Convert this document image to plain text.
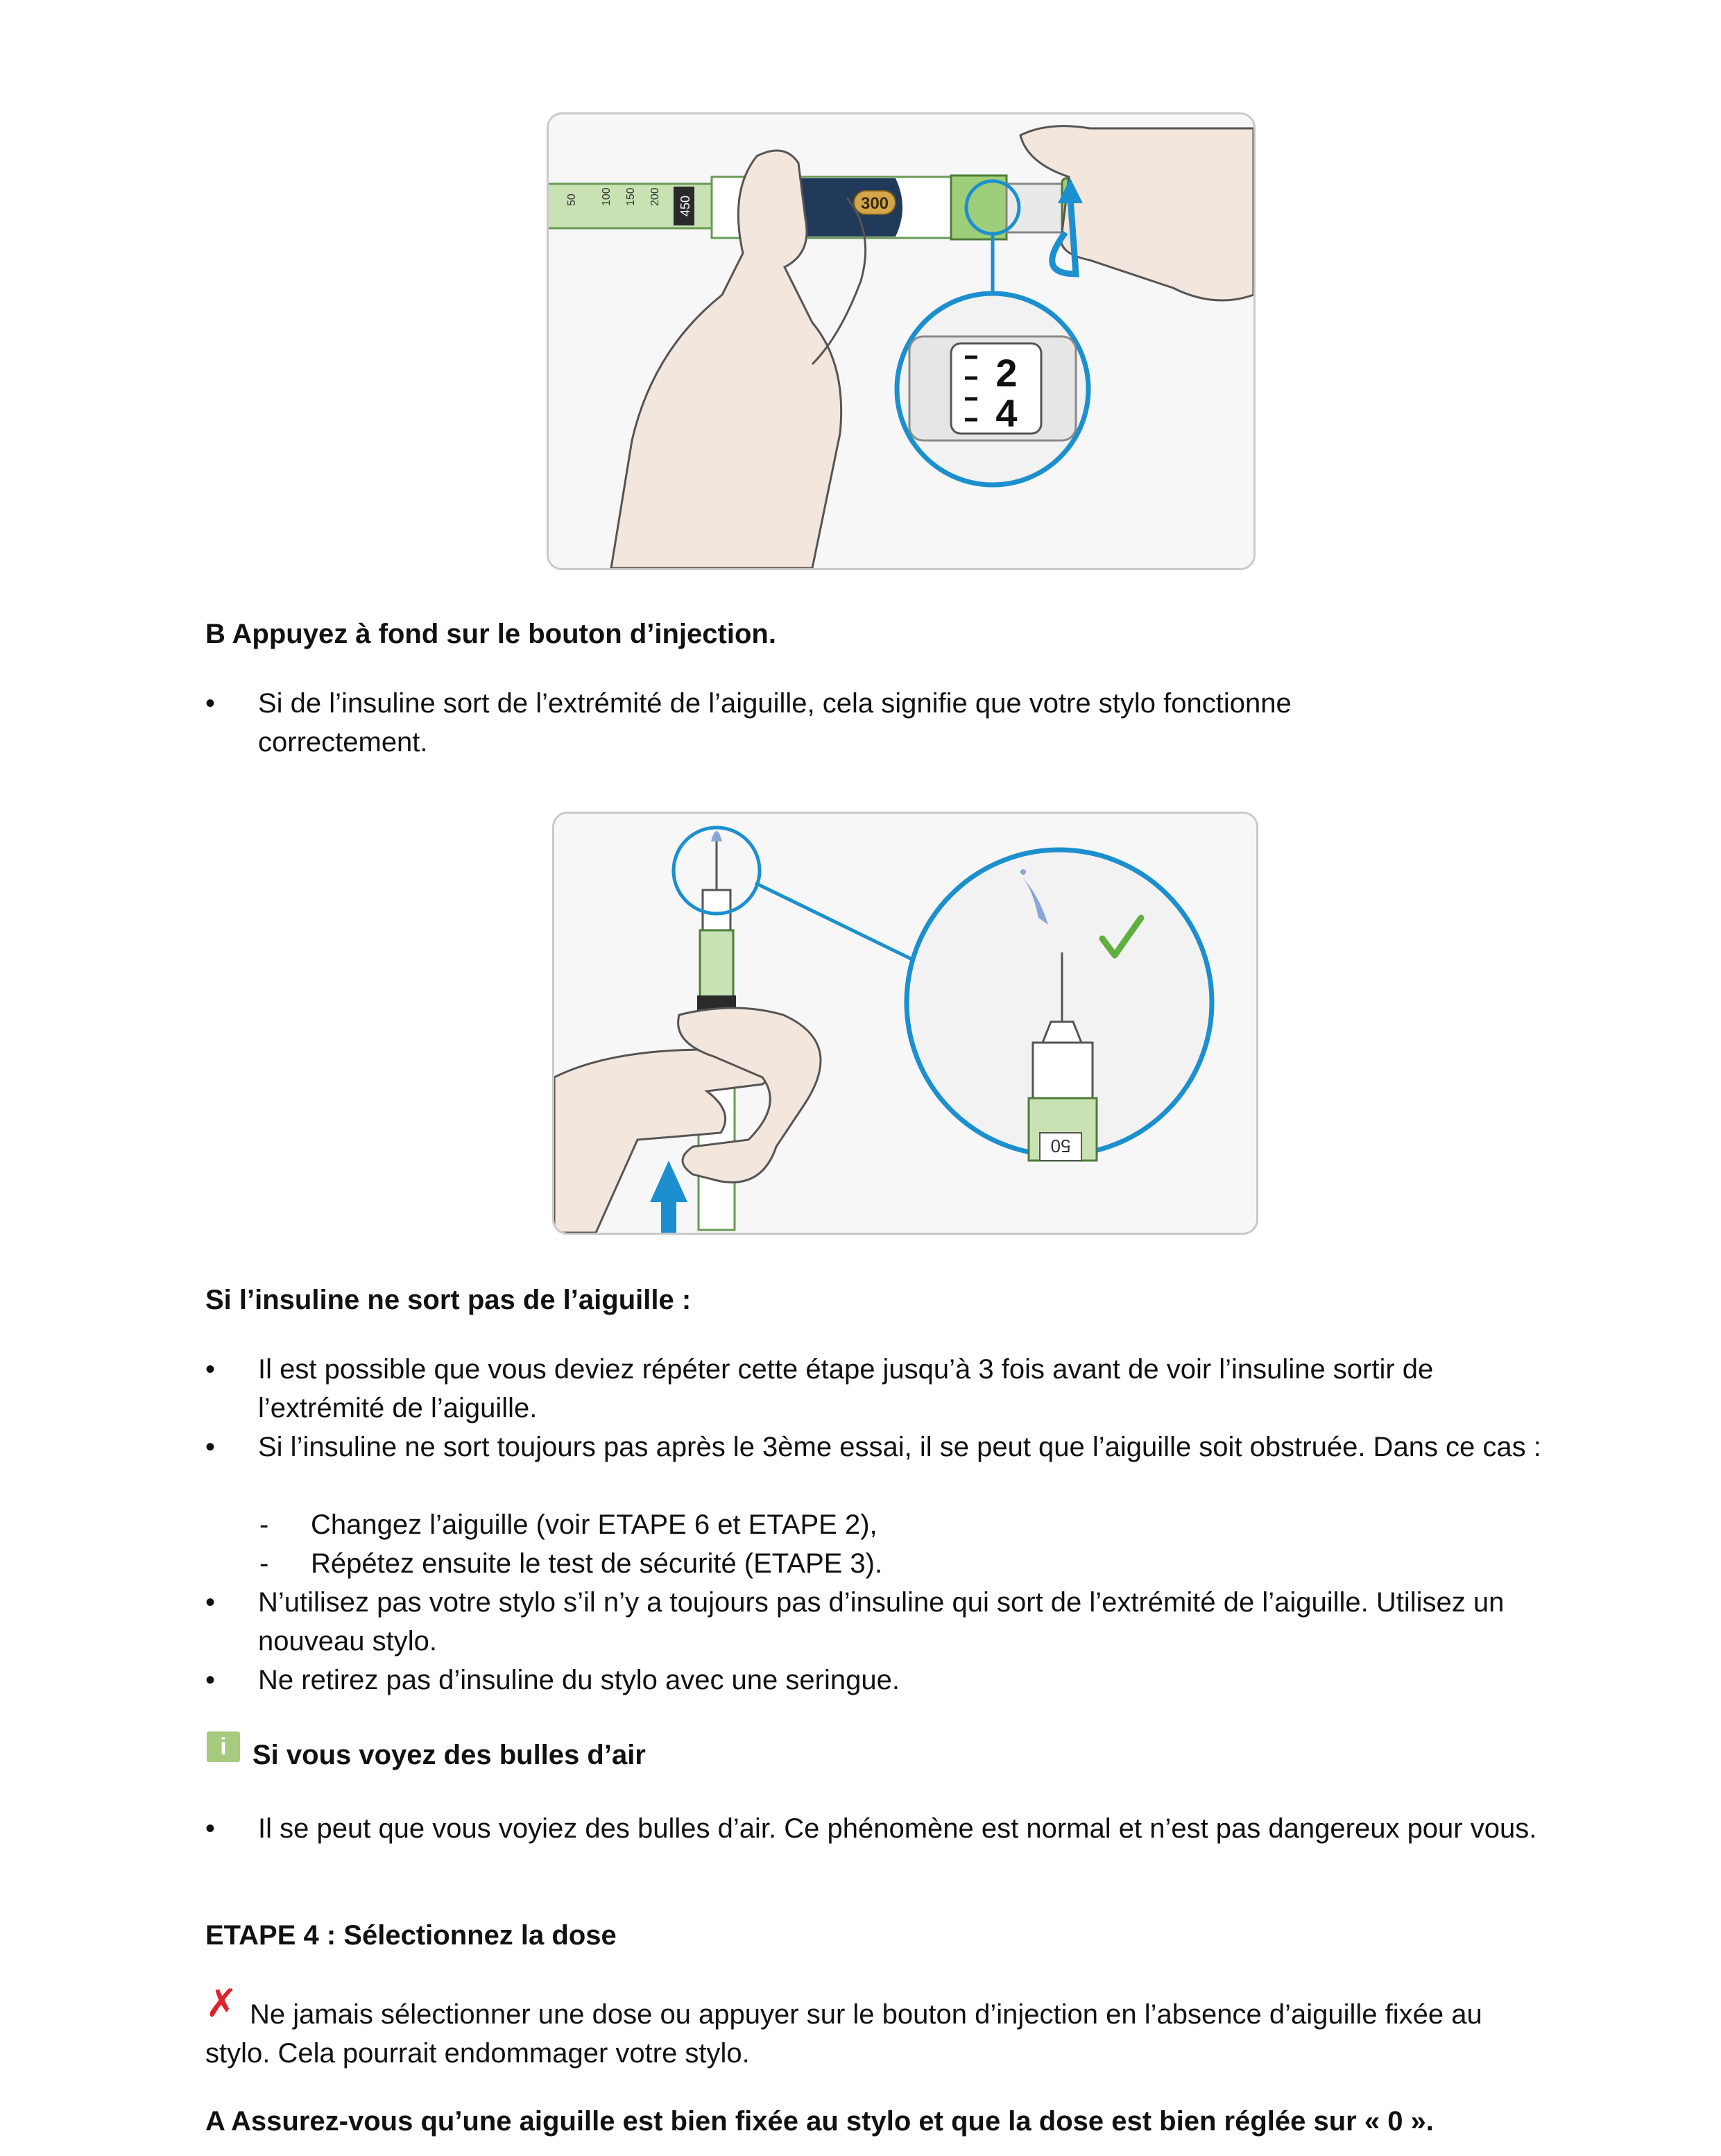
450
200
150
100
50	300
2
4
B Appuyez à fond sur le bouton d’injection.
• Si de l’insuline sort de l’extrémité de l’aiguille, cela signifie que votre stylo fonctionne correctement.
50
Si l’insuline ne sort pas de l’aiguille :
• Il est possible que vous deviez répéter cette étape jusqu’à 3 fois avant de voir l’insuline sortir de l’extrémité de l’aiguille.
• Si l’insuline ne sort toujours pas après le 3ème essai, il se peut que l’aiguille soit obstruée. Dans ce cas :
- Changez l’aiguille (voir ETAPE 6 et ETAPE 2),
- Répétez ensuite le test de sécurité (ETAPE 3).
• N’utilisez pas votre stylo s’il n’y a toujours pas d’insuline qui sort de l’extrémité de l’aiguille. Utilisez un nouveau stylo.
• Ne retirez pas d’insuline du stylo avec une seringue.
i Si vous voyez des bulles d’air
• Il se peut que vous voyiez des bulles d’air. Ce phénomène est normal et n’est pas dangereux pour vous.
ETAPE 4 : Sélectionnez la dose
✗ Ne jamais sélectionner une dose ou appuyer sur le bouton d’injection en l’absence d’aiguille fixée au stylo. Cela pourrait endommager votre stylo.
A Assurez-vous qu’une aiguille est bien fixée au stylo et que la dose est bien réglée sur « 0 ».
